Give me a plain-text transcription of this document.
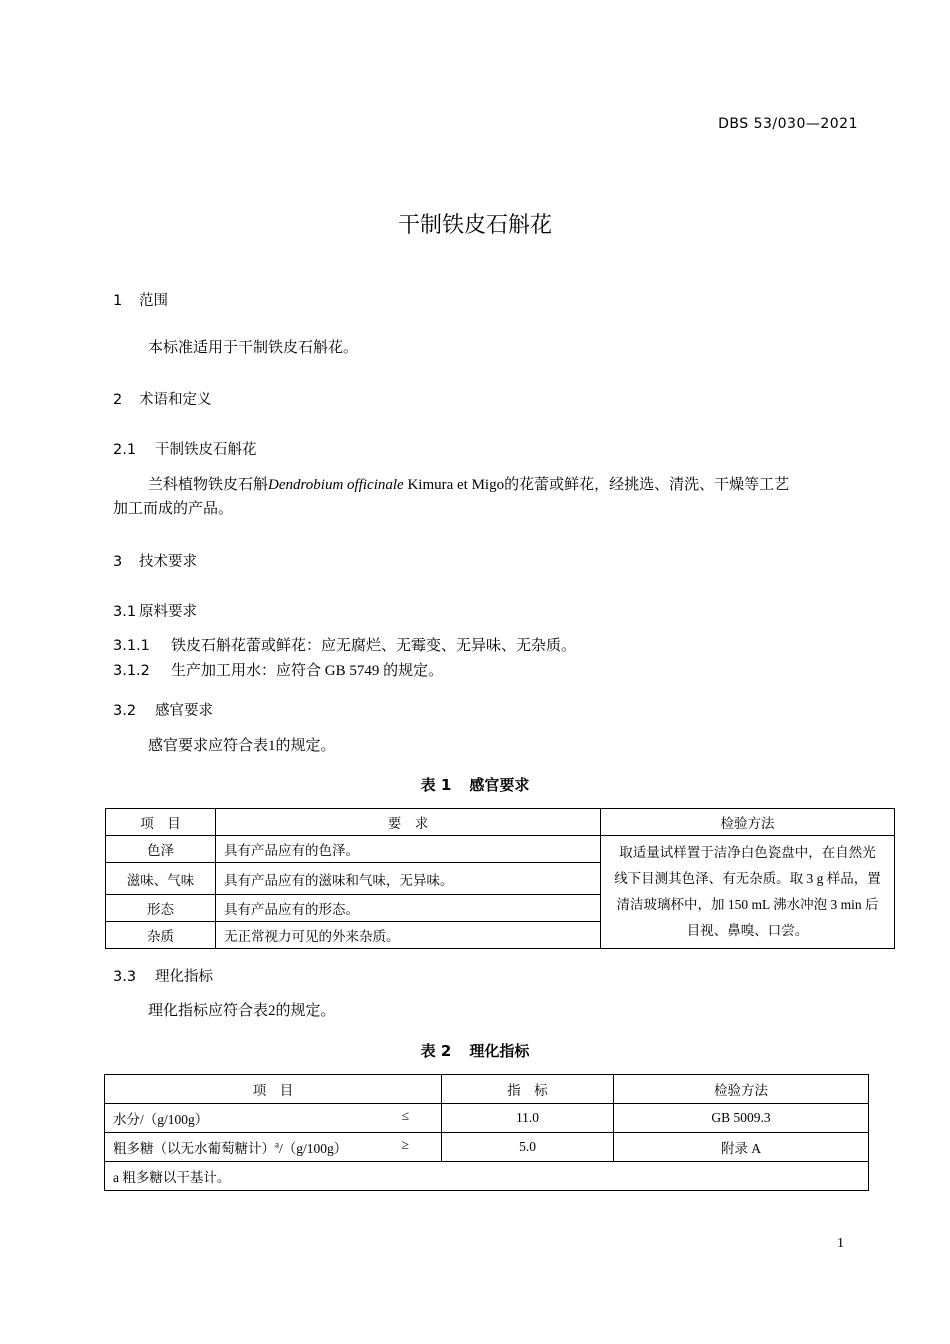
DBS 53/030—2021
干制铁皮石斛花
1 范围
本标准适用于干制铁皮石斛花。
2 术语和定义
2.1 干制铁皮石斛花
兰科植物铁皮石斛Dendrobium officinale Kimura et Migo的花蕾或鲜花，经挑选、清洗、干燥等工艺
加工而成的产品。
3 技术要求
3.1 原料要求
3.1.1 铁皮石斛花蕾或鲜花：应无腐烂、无霉变、无异味、无杂质。
3.1.2 生产加工用水：应符合 GB 5749 的规定。
3.2 感官要求
感官要求应符合表1的规定。
表 1 感官要求
项　目	要　求	检验方法
色泽	具有产品应有的色泽。	取适量试样置于洁净白色瓷盘中，在自然光
线下目测其色泽、有无杂质。取 3 g 样品，置
清洁玻璃杯中，加 150 mL 沸水冲泡 3 min 后
目视、鼻嗅、口尝。

滋味、气味	具有产品应有的滋味和气味，无异味。	
形态	具有产品应有的形态。	
杂质	无正常视力可见的外来杂质。	
3.3 理化指标
理化指标应符合表2的规定。
表 2 理化指标
项　目	指　标	检验方法
水分/（g/100g） ≤	11.0	GB 5009.3
粗多糖（以无水葡萄糖计）$^a$/（g/100g） ≥	5.0	附录 A
a 粗多糖以干基计。		
1
